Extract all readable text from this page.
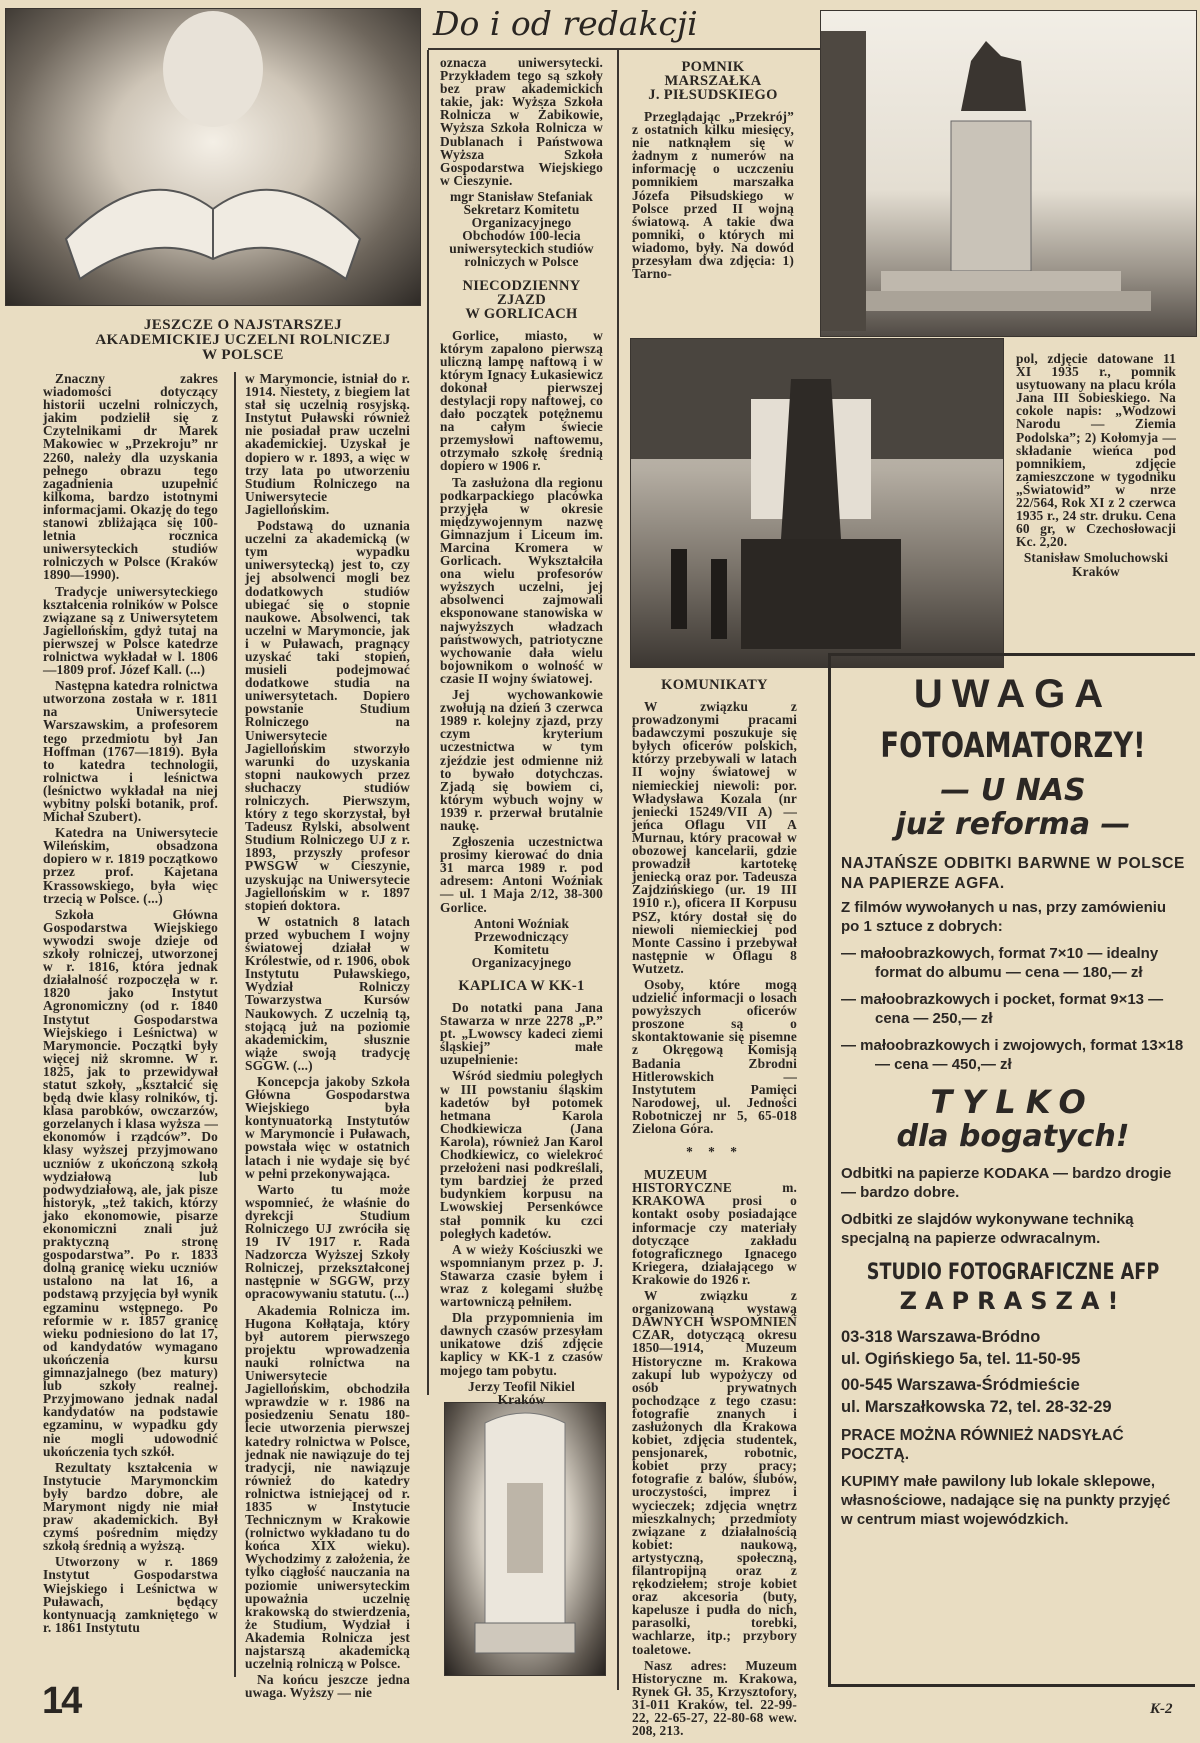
Do i od redakcji
JESZCZE O NAJSTARSZEJ
AKADEMICKIEJ UCZELNI ROLNICZEJ
W POLSCE

Znaczny zakres wiadomości dotyczący historii uczelni rolniczych, jakim podzielił się z Czytelnikami dr Marek Makowiec w „Przekroju” nr 2260, należy dla uzyskania pełnego obrazu tego zagadnienia uzupełnić kilkoma, bardzo istotnymi informacjami. Okazję do tego stanowi zbliżająca się 100-letnia rocznica uniwersyteckich studiów rolniczych w Polsce (Kraków 1890—1990).

Tradycje uniwersyteckiego kształcenia rolników w Polsce związane są z Uniwersytetem Jagiellońskim, gdyż tutaj na pierwszej w Polsce katedrze rolnictwa wykładał w l. 1806—1809 prof. Józef Kall. (...)

Następna katedra rolnictwa utworzona została w r. 1811 na Uniwersytecie Warszawskim, a profesorem tego przedmiotu był Jan Hoffman (1767—1819). Była to katedra technologii, rolnictwa i leśnictwa (leśnictwo wykładał na niej wybitny polski botanik, prof. Michał Szubert).

Katedra na Uniwersytecie Wileńskim, obsadzona dopiero w r. 1819 początkowo przez prof. Kajetana Krassowskiego, była więc trzecią w Polsce. (...)

Szkoła Główna Gospodarstwa Wiejskiego wywodzi swoje dzieje od szkoły rolniczej, utworzonej w r. 1816, która jednak działalność rozpoczęła w r. 1820 jako Instytut Agronomiczny (od r. 1840 Instytut Gospodarstwa Wiejskiego i Leśnictwa) w Marymoncie. Początki były więcej niż skromne. W r. 1825, jak to przewidywał statut szkoły, „kształcić się będą dwie klasy rolników, tj. klasa parobków, owczarzów, gorzelanych i klasa wyższa — ekonomów i rządców”. Do klasy wyższej przyjmowano uczniów z ukończoną szkołą wydziałową lub podwydziałową, ale, jak pisze historyk, „też takich, którzy jako ekonomowie, pisarze ekonomiczni znali już praktyczną stronę gospodarstwa”. Po r. 1833 dolną granicę wieku uczniów ustalono na lat 16, a podstawą przyjęcia był wynik egzaminu wstępnego. Po reformie w r. 1857 granicę wieku podniesiono do lat 17, od kandydatów wymagano ukończenia kursu gimnazjalnego (bez matury) lub szkoły realnej. Przyjmowano jednak nadal kandydatów na podstawie egzaminu, w wypadku gdy nie mogli udowodnić ukończenia tych szkół.

Rezultaty kształcenia w Instytucie Marymonckim były bardzo dobre, ale Marymont nigdy nie miał praw akademickich. Był czymś pośrednim między szkołą średnią a wyższą.

Utworzony w r. 1869 Instytut Gospodarstwa Wiejskiego i Leśnictwa w Puławach, będący kontynuacją zamkniętego w r. 1861 Instytutu

w Marymoncie, istniał do r. 1914. Niestety, z biegiem lat stał się uczelnią rosyjską. Instytut Puławski również nie posiadał praw uczelni akademickiej. Uzyskał je dopiero w r. 1893, a więc w trzy lata po utworzeniu Studium Rolniczego na Uniwersytecie Jagiellońskim.

Podstawą do uznania uczelni za akademicką (w tym wypadku uniwersytecką) jest to, czy jej absolwenci mogli bez dodatkowych studiów ubiegać się o stopnie naukowe. Absolwenci, tak uczelni w Marymoncie, jak i w Puławach, pragnący uzyskać taki stopień, musieli podejmować dodatkowe studia na uniwersytetach. Dopiero powstanie Studium Rolniczego na Uniwersytecie Jagiellońskim stworzyło warunki do uzyskania stopni naukowych przez słuchaczy studiów rolniczych. Pierwszym, który z tego skorzystał, był Tadeusz Rylski, absolwent Studium Rolniczego UJ z r. 1893, przyszły profesor PWSGW w Cieszynie, uzyskując na Uniwersytecie Jagiellońskim w r. 1897 stopień doktora.

W ostatnich 8 latach przed wybuchem I wojny światowej działał w Królestwie, od r. 1906, obok Instytutu Puławskiego, Wydział Rolniczy Towarzystwa Kursów Naukowych. Z uczelnią tą, stojącą już na poziomie akademickim, słusznie wiąże swoją tradycję SGGW. (...)

Koncepcja jakoby Szkoła Główna Gospodarstwa Wiejskiego była kontynuatorką Instytutów w Marymoncie i Puławach, powstała więc w ostatnich latach i nie wydaje się być w pełni przekonywająca.

Warto tu może wspomnieć, że właśnie do dyrekcji Studium Rolniczego UJ zwróciła się 19 IV 1917 r. Rada Nadzorcza Wyższej Szkoły Rolniczej, przekształconej następnie w SGGW, przy opracowywaniu statutu. (...)

Akademia Rolnicza im. Hugona Kołłątaja, który był autorem pierwszego projektu wprowadzenia nauki rolnictwa na Uniwersytecie Jagiellońskim, obchodziła wprawdzie w r. 1986 na posiedzeniu Senatu 180-lecie utworzenia pierwszej katedry rolnictwa w Polsce, jednak nie nawiązuje do tej tradycji, nie nawiązuje również do katedry rolnictwa istniejącej od r. 1835 w Instytucie Technicznym w Krakowie (rolnictwo wykładano tu do końca XIX wieku). Wychodzimy z założenia, że tylko ciągłość nauczania na poziomie uniwersyteckim upoważnia uczelnię krakowską do stwierdzenia, że Studium, Wydział i Akademia Rolnicza jest najstarszą akademicką uczelnią rolniczą w Polsce.

Na końcu jeszcze jedna uwaga. Wyższy — nie

oznacza uniwersytecki. Przykładem tego są szkoły bez praw akademickich takie, jak: Wyższa Szkoła Rolnicza w Żabikowie, Wyższa Szkoła Rolnicza w Dublanach i Państwowa Wyższa Szkoła Gospodarstwa Wiejskiego w Cieszynie.

mgr Stanisław Stefaniak
Sekretarz Komitetu
Organizacyjnego
Obchodów 100-lecia
uniwersyteckich studiów
rolniczych w Polsce
NIECODZIENNY
ZJAZD
W GORLICACH

Gorlice, miasto, w którym zapalono pierwszą uliczną lampę naftową i w którym Ignacy Łukasiewicz dokonał pierwszej destylacji ropy naftowej, co dało początek potężnemu na całym świecie przemysłowi naftowemu, otrzymało szkołę średnią dopiero w 1906 r.

Ta zasłużona dla regionu podkarpackiego placówka przyjęła w okresie międzywojennym nazwę Gimnazjum i Liceum im. Marcina Kromera w Gorlicach. Wykształciła ona wielu profesorów wyższych uczelni, jej absolwenci zajmowali eksponowane stanowiska w najwyższych władzach państwowych, patriotyczne wychowanie dała wielu bojownikom o wolność w czasie II wojny światowej.

Jej wychowankowie zwołują na dzień 3 czerwca 1989 r. kolejny zjazd, przy czym kryterium uczestnictwa w tym zjeździe jest odmienne niż to bywało dotychczas. Zjadą się bowiem ci, którym wybuch wojny w 1939 r. przerwał brutalnie naukę.

Zgłoszenia uczestnictwa prosimy kierować do dnia 31 marca 1989 r. pod adresem: Antoni Woźniak — ul. 1 Maja 2/12, 38-300 Gorlice.

Antoni Woźniak
Przewodniczący
Komitetu
Organizacyjnego
KAPLICA W KK-1

Do notatki pana Jana Stawarza w nrze 2278 „P.” pt. „Lwowscy kadeci ziemi śląskiej” małe uzupełnienie:

Wśród siedmiu poległych w III powstaniu śląskim kadetów był potomek hetmana Karola Chodkiewicza (Jana Karola), również Jan Karol Chodkiewicz, co wielekroć przełożeni nasi podkreślali, tym bardziej że przed budynkiem korpusu na Lwowskiej Persenkówce stał pomnik ku czci poległych kadetów.

A w wieży Kościuszki we wspomnianym przez p. J. Stawarza czasie byłem i wraz z kolegami służbę wartowniczą pełniłem.

Dla przypomnienia im dawnych czasów przesyłam unikatowe dziś zdjęcie kaplicy w KK-1 z czasów mojego tam pobytu.

Jerzy Teofil Nikiel
Kraków
POMNIK
MARSZAŁKA
J. PIŁSUDSKIEGO

Przeglądając „Przekrój” z ostatnich kilku miesięcy, nie natknąłem się w żadnym z numerów na informację o uczczeniu pomnikiem marszałka Józefa Piłsudskiego w Polsce przed II wojną światową. A takie dwa pomniki, o których mi wiadomo, były. Na dowód przesyłam dwa zdjęcia: 1) Tarno-

pol, zdjęcie datowane 11 XI 1935 r., pomnik usytuowany na placu króla Jana III Sobieskiego. Na cokole napis: „Wodzowi Narodu — Ziemia Podolska”; 2) Kołomyja — składanie wieńca pod pomnikiem, zdjęcie zamieszczone w tygodniku „Światowid” w nrze 22/564, Rok XI z 2 czerwca 1935 r., 24 str. druku. Cena 60 gr, w Czechosłowacji Kc. 2,20.

Stanisław Smoluchowski
Kraków
KOMUNIKATY

W związku z prowadzonymi pracami badawczymi poszukuje się byłych oficerów polskich, którzy przebywali w latach II wojny światowej w niemieckiej niewoli: por. Władysława Kozala (nr jeniecki 15249/VII A) — jeńca Oflagu VII A Murnau, który pracował w obozowej kancelarii, gdzie prowadził kartotekę jeniecką oraz por. Tadeusza Zajdzińskiego (ur. 19 III 1910 r.), oficera II Korpusu PSZ, który dostał się do niewoli niemieckiej pod Monte Cassino i przebywał następnie w Oflagu 8 Wutzetz.

Osoby, które mogą udzielić informacji o losach powyższych oficerów proszone są o skontaktowanie się pisemne z Okręgową Komisją Badania Zbrodni Hitlerowskich — Instytutem Pamięci Narodowej, ul. Jedności Robotniczej nr 5, 65-018 Zielona Góra.

* * *

MUZEUM HISTORYCZNE m. KRAKOWA prosi o kontakt osoby posiadające informacje czy materiały dotyczące zakładu fotograficznego Ignacego Kriegera, działającego w Krakowie do 1926 r.

W związku z organizowaną wystawą DAWNYCH WSPOMNIEŃ CZAR, dotyczącą okresu 1850—1914, Muzeum Historyczne m. Krakowa zakupi lub wypożyczy od osób prywatnych pochodzące z tego czasu: fotografie znanych i zasłużonych dla Krakowa kobiet, zdjęcia studentek, pensjonarek, robotnic, kobiet przy pracy; fotografie z balów, ślubów, uroczystości, imprez i wycieczek; zdjęcia wnętrz mieszkalnych; przedmioty związane z działalnością kobiet: naukową, artystyczną, społeczną, filantropijną oraz z rękodziełem; stroje kobiet oraz akcesoria (buty, kapelusze i pudła do nich, parasolki, torebki, wachlarze, itp.; przybory toaletowe.

Nasz adres: Muzeum Historyczne m. Krakowa, Rynek Gł. 35, Krzysztofory, 31-011 Kraków, tel. 22-99-22, 22-65-27, 22-80-68 wew. 208, 213.

UWAGA
FOTOAMATORZY!
— U NAS
już reforma —
NAJTAŃSZE ODBITKI BARWNE W POLSCE NA PAPIERZE AGFA.
Z filmów wywołanych u nas, przy zamówieniu po 1 sztuce z dobrych:
— małoobrazkowych, format 7×10 — idealny format do albumu — cena — 180,— zł
— małoobrazkowych i pocket, format 9×13 — cena — 250,— zł
— małoobrazkowych i zwojowych, format 13×18 — cena — 450,— zł
TYLKO
dla bogatych!
Odbitki na papierze KODAKA — bardzo drogie — bardzo dobre.
Odbitki ze slajdów wykonywane techniką specjalną na papierze odwracalnym.
STUDIO FOTOGRAFICZNE AFP
ZAPRASZA!
03-318 Warszawa-Bródno
ul. Ogińskiego 5a, tel. 11-50-95
00-545 Warszawa-Śródmieście
ul. Marszałkowska 72, tel. 28-32-29
PRACE MOŻNA RÓWNIEŻ NADSYŁAĆ POCZTĄ.
KUPIMY małe pawilony lub lokale sklepowe, własnościowe, nadające się na punkty przyjęć w centrum miast wojewódzkich.
14	K-2
